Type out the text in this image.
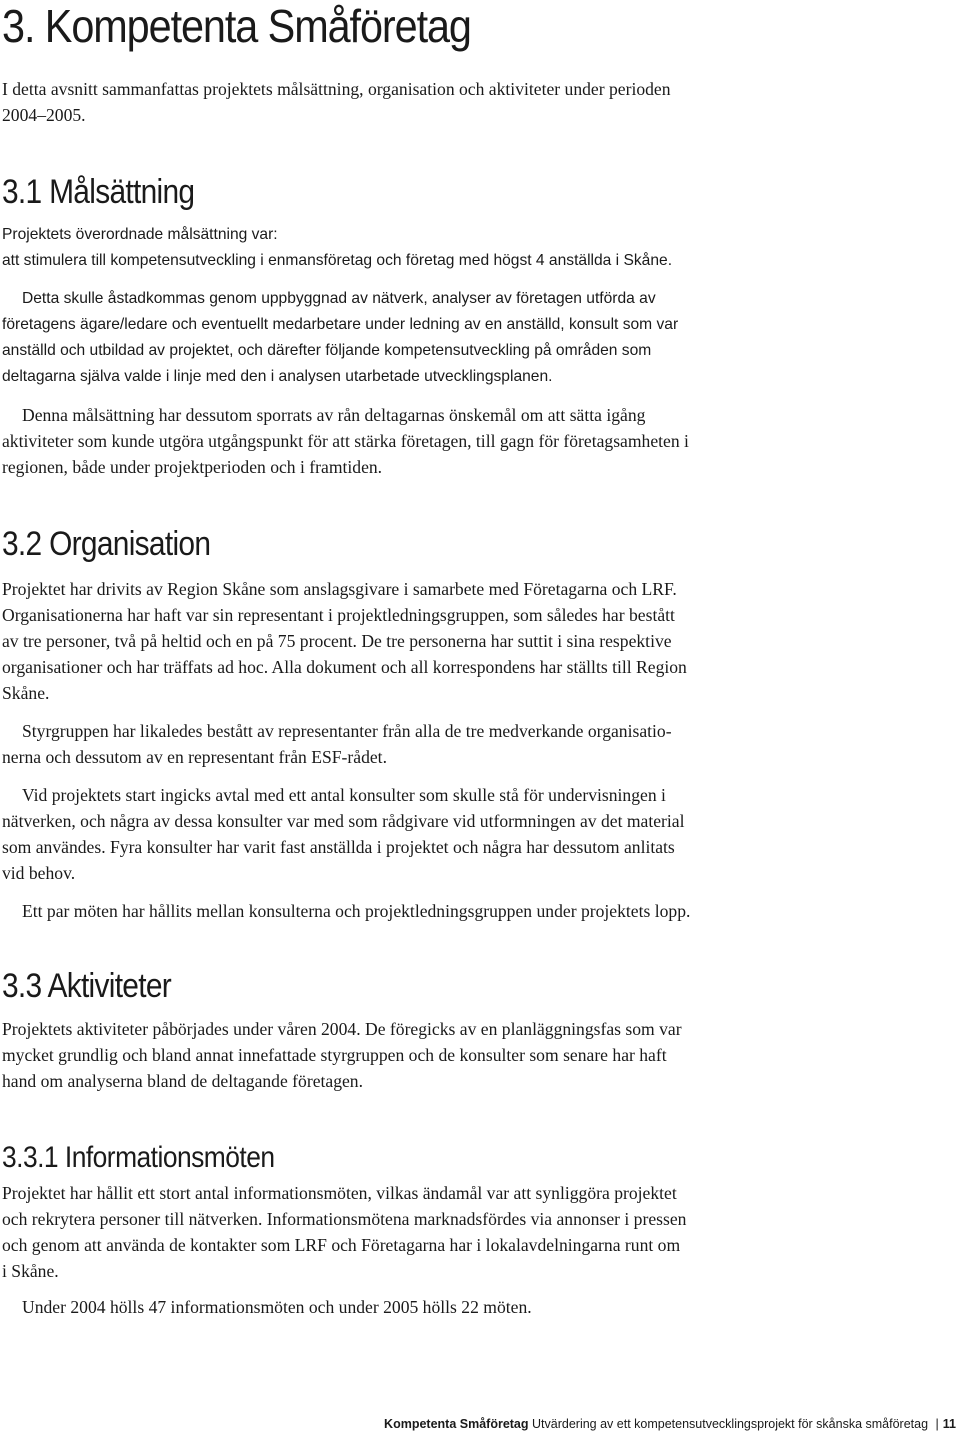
3. Kompetenta Småföretag

I detta avsnitt sammanfattas projektets målsättning, organisation och aktiviteter under perioden
2004–2005.

3.1 Målsättning

Projektets överordnade målsättning var:
att stimulera till kompetensutveckling i enmansföretag och företag med högst 4 anställda i Skåne.

Detta skulle åstadkommas genom uppbyggnad av nätverk, analyser av företagen utförda av
företagens ägare/ledare och eventuellt medarbetare under ledning av en anställd, konsult som var
anställd och utbildad av projektet, och därefter följande kompetensutveckling på områden som
deltagarna själva valde i linje med den i analysen utarbetade utvecklingsplanen.

Denna målsättning har dessutom sporrats av rån deltagarnas önskemål om att sätta igång
aktiviteter som kunde utgöra utgångspunkt för att stärka företagen, till gagn för företagsamheten i
regionen, både under projektperioden och i framtiden.

3.2 Organisation

Projektet har drivits av Region Skåne som anslagsgivare i samarbete med Företagarna och LRF.
Organisationerna har haft var sin representant i projektledningsgruppen, som således har bestått
av tre personer, två på heltid och en på 75 procent. De tre personerna har suttit i sina respektive
organisationer och har träffats ad hoc. Alla dokument och all korrespondens har ställts till Region
Skåne.

Styrgruppen har likaledes bestått av representanter från alla de tre medverkande organisatio-
nerna och dessutom av en representant från ESF-rådet.

Vid projektets start ingicks avtal med ett antal konsulter som skulle stå för undervisningen i
nätverken, och några av dessa konsulter var med som rådgivare vid utformningen av det material
som användes. Fyra konsulter har varit fast anställda i projektet och några har dessutom anlitats
vid behov.

Ett par möten har hållits mellan konsulterna och projektledningsgruppen under projektets lopp.

3.3 Aktiviteter

Projektets aktiviteter påbörjades under våren 2004. De föregicks av en planläggningsfas som var
mycket grundlig och bland annat innefattade styrgruppen och de konsulter som senare har haft
hand om analyserna bland de deltagande företagen.

3.3.1 Informationsmöten

Projektet har hållit ett stort antal informationsmöten, vilkas ändamål var att synliggöra projektet
och rekrytera personer till nätverken. Informationsmötena marknadsfördes via annonser i pressen
och genom att använda de kontakter som LRF och Företagarna har i lokalavdelningarna runt om
i Skåne.

Under 2004 hölls 47 informationsmöten och under 2005 hölls 22 möten.

Kompetenta Småföretag Utvärdering av ett kompetensutvecklingsprojekt för skånska småföretag | 11
